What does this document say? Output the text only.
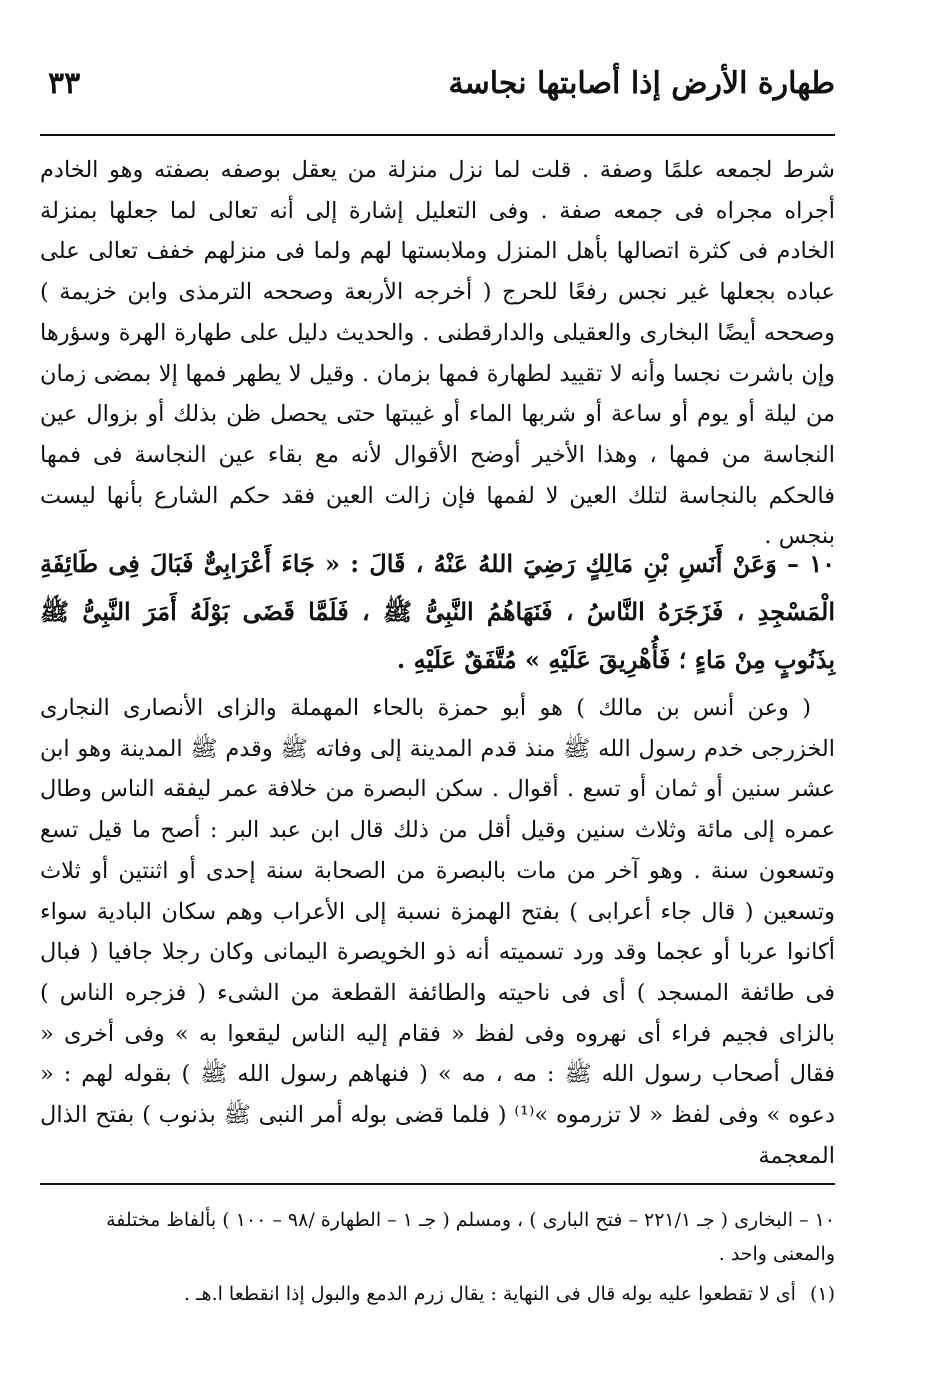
طهارة الأرض إذا أصابتها نجاسة
٣٣

شرط لجمعه علمًا وصفة . قلت لما نزل منزلة من يعقل بوصفه بصفته وهو الخادم أجراه مجراه فى جمعه صفة . وفى التعليل إشارة إلى أنه تعالى لما جعلها بمنزلة الخادم فى كثرة اتصالها بأهل المنزل وملابستها لهم ولما فى منزلهم خفف تعالى على عباده بجعلها غير نجس رفعًا للحرج ( أخرجه الأربعة وصححه الترمذى وابن خزيمة ) وصححه أيضًا البخارى والعقيلى والدارقطنى . والحديث دليل على طهارة الهرة وسؤرها وإن باشرت نجسا وأنه لا تقييد لطهارة فمها بزمان . وقيل لا يطهر فمها إلا بمضى زمان من ليلة أو يوم أو ساعة أو شربها الماء أو غيبتها حتى يحصل ظن بذلك أو بزوال عين النجاسة من فمها ، وهذا الأخير أوضح الأقوال لأنه مع بقاء عين النجاسة فى فمها فالحكم بالنجاسة لتلك العين لا لفمها فإن زالت العين فقد حكم الشارع بأنها ليست بنجس .

١٠ – وَعَنْ أَنَسِ بْنِ مَالِكٍ رَضِيَ اللهُ عَنْهُ ، قَالَ : « جَاءَ أَعْرَابِىٌّ فَبَالَ فِى طَائِفَةِ الْمَسْجِدِ ، فَزَجَرَهُ النَّاسُ ، فَنَهَاهُمُ النَّبِىُّ ﷺ ، فَلَمَّا قَضَى بَوْلَهُ أَمَرَ النَّبِىُّ ﷺ بِذَنُوبٍ مِنْ مَاءٍ ؛ فَأُهْرِيقَ عَلَيْهِ » مُتَّفَقٌ عَلَيْهِ .

( وعن أنس بن مالك ) هو أبو حمزة بالحاء المهملة والزاى الأنصارى النجارى الخزرجى خدم رسول الله ﷺ منذ قدم المدينة إلى وفاته ﷺ وقدم ﷺ المدينة وهو ابن عشر سنين أو ثمان أو تسع . أقوال . سكن البصرة من خلافة عمر ليفقه الناس وطال عمره إلى مائة وثلاث سنين وقيل أقل من ذلك قال ابن عبد البر : أصح ما قيل تسع وتسعون سنة . وهو آخر من مات بالبصرة من الصحابة سنة إحدى أو اثنتين أو ثلاث وتسعين ( قال جاء أعرابى ) بفتح الهمزة نسبة إلى الأعراب وهم سكان البادية سواء أكانوا عربا أو عجما وقد ورد تسميته أنه ذو الخويصرة اليمانى وكان رجلا جافيا ( فبال فى طائفة المسجد ) أى فى ناحيته والطائفة القطعة من الشىء ( فزجره الناس ) بالزاى فجيم فراء أى نهروه وفى لفظ « فقام إليه الناس ليقعوا به » وفى أخرى « فقال أصحاب رسول الله ﷺ : مه ، مه » ( فنهاهم رسول الله ﷺ ) بقوله لهم : « دعوه » وفى لفظ « لا تزرموه »⁽¹⁾ ( فلما قضى بوله أمر النبى ﷺ بذنوب ) بفتح الذال المعجمة

١٠ – البخارى ( جـ ٢٢١/١ – فتح البارى ) ، ومسلم ( جـ ١ – الطهارة /٩٨ – ١٠٠ ) بألفاظ مختلفة والمعنى واحد .

(١)أى لا تقطعوا عليه بوله قال فى النهاية : يقال زرم الدمع والبول إذا انقطعا ا.هـ .
